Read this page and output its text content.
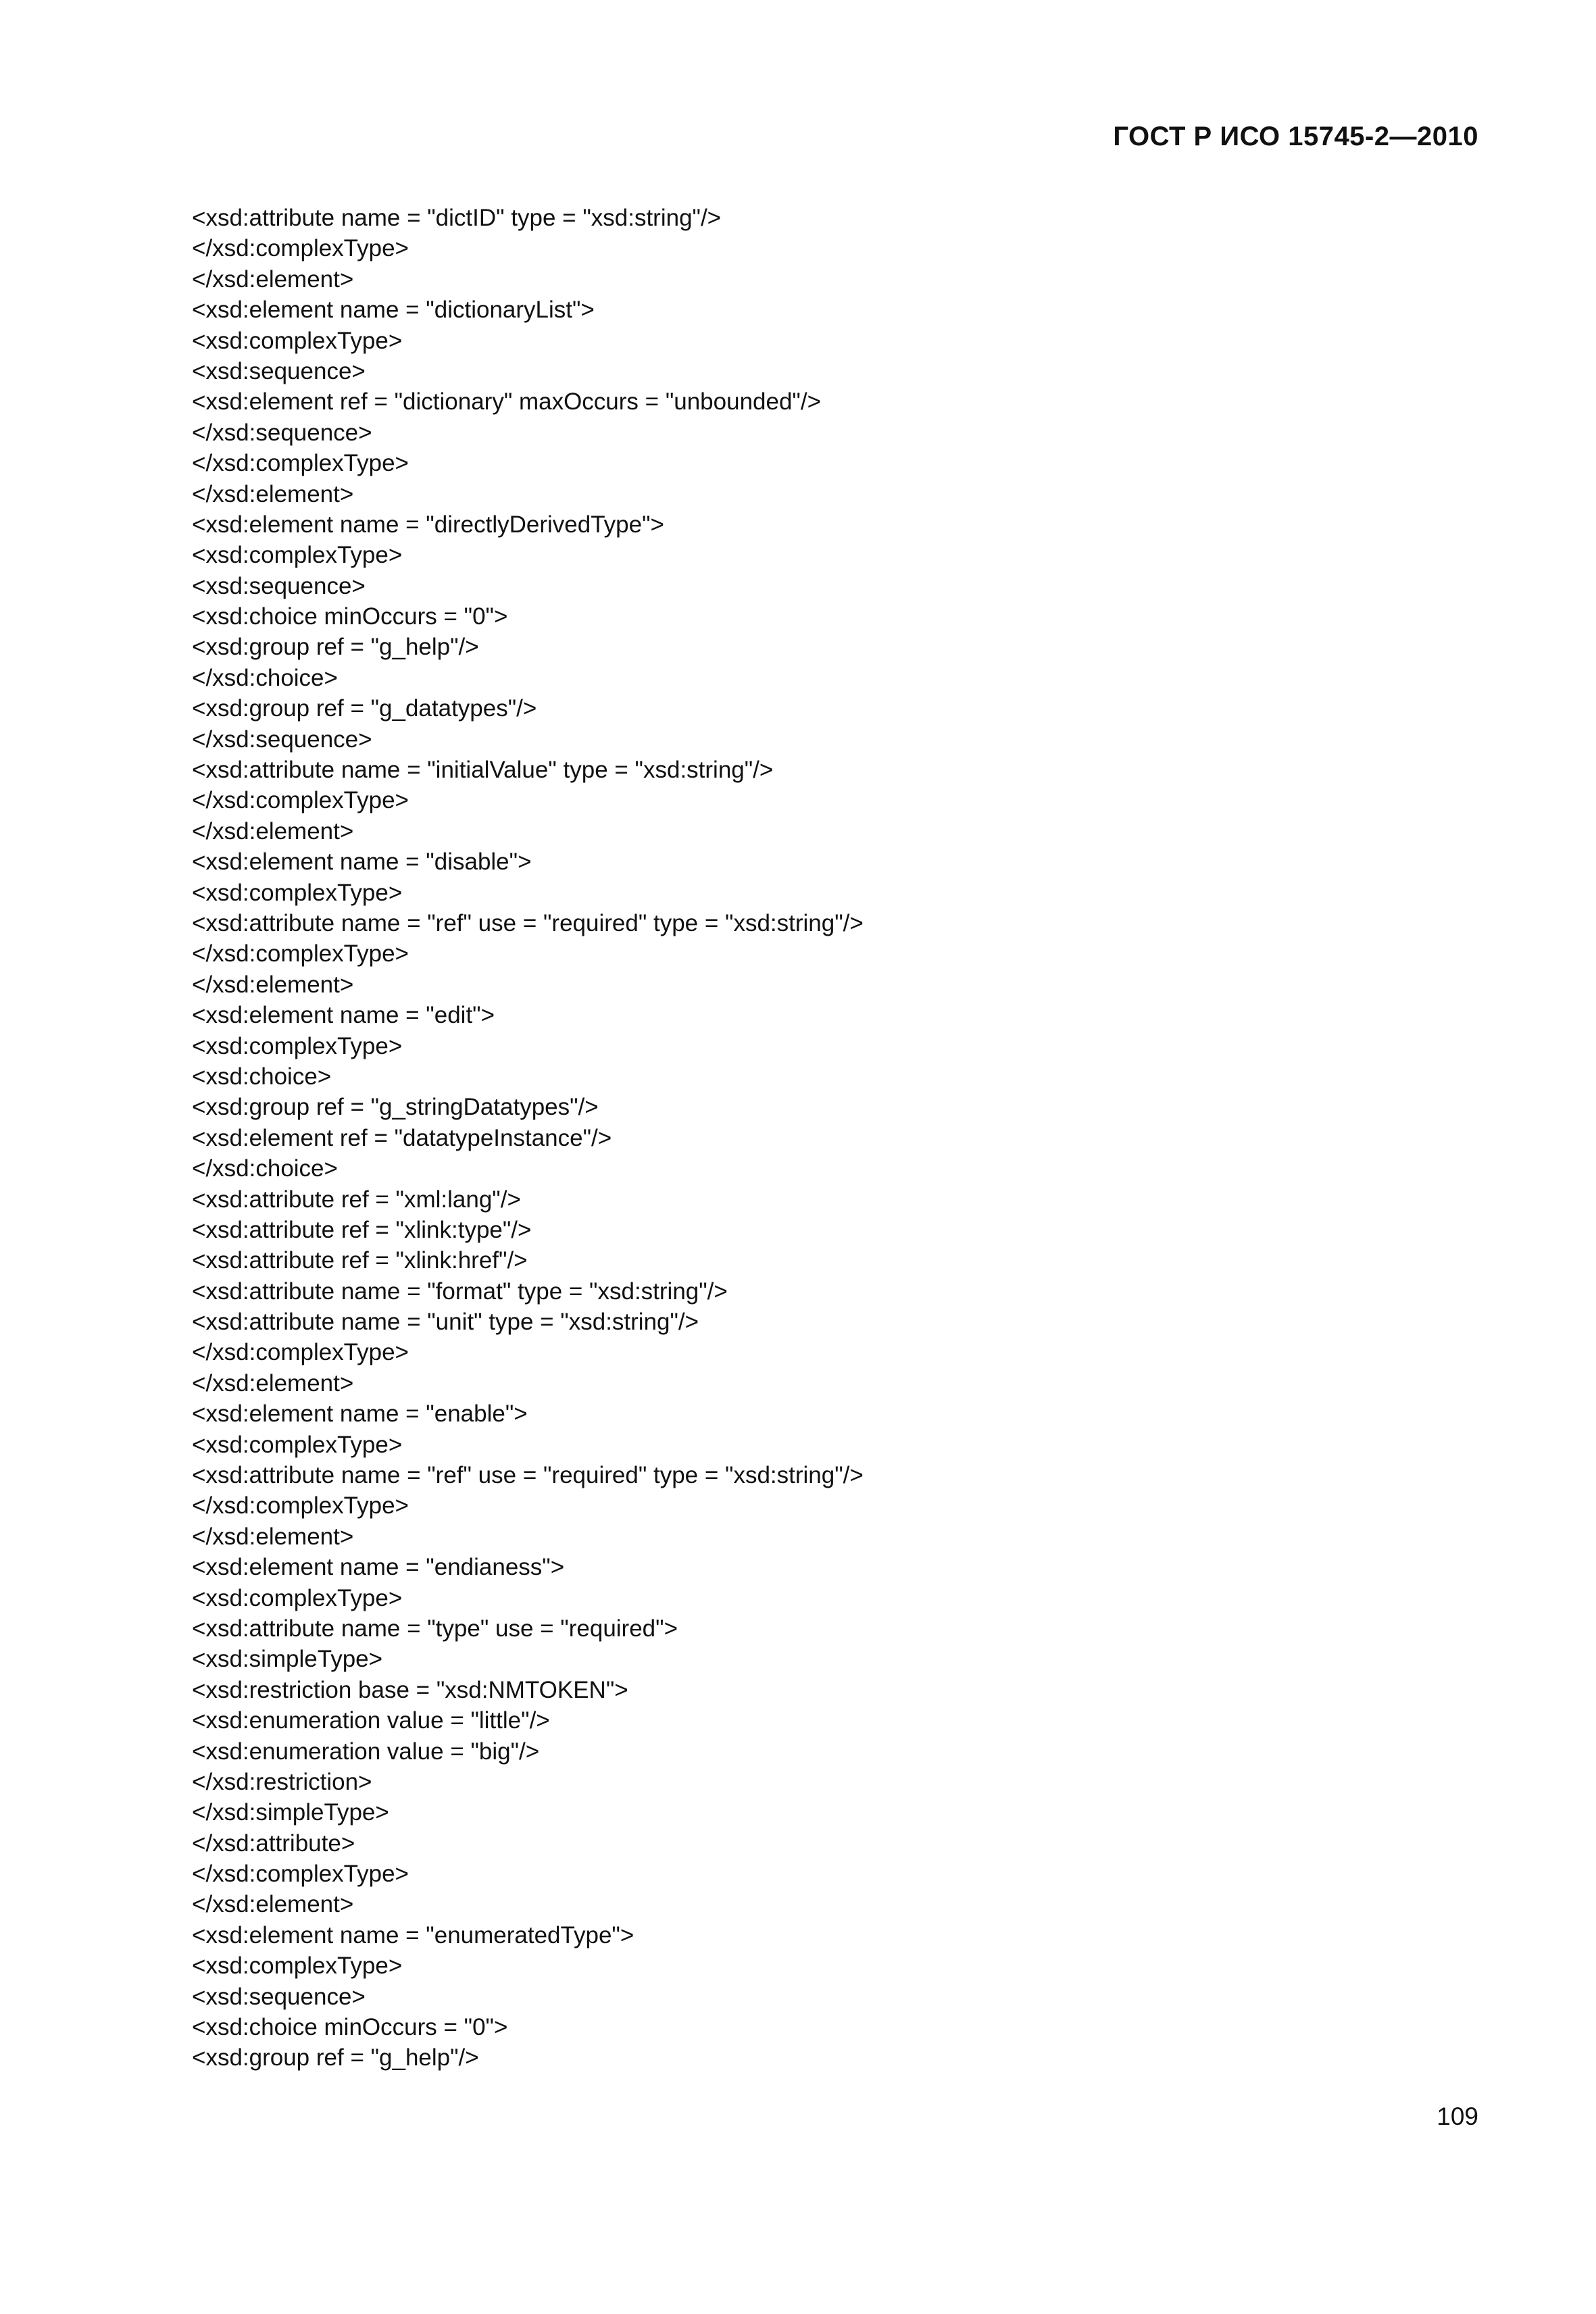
ГОСТ Р ИСО 15745-2—2010
<xsd:attribute name = "dictID" type = "xsd:string"/>
</xsd:complexType>
</xsd:element>
<xsd:element name = "dictionaryList">
<xsd:complexType>
<xsd:sequence>
<xsd:element ref = "dictionary" maxOccurs = "unbounded"/>
</xsd:sequence>
</xsd:complexType>
</xsd:element>
<xsd:element name = "directlyDerivedType">
<xsd:complexType>
<xsd:sequence>
<xsd:choice minOccurs = "0">
<xsd:group ref = "g_help"/>
</xsd:choice>
<xsd:group ref = "g_datatypes"/>
</xsd:sequence>
<xsd:attribute name = "initialValue" type = "xsd:string"/>
</xsd:complexType>
</xsd:element>
<xsd:element name = "disable">
<xsd:complexType>
<xsd:attribute name = "ref" use = "required" type = "xsd:string"/>
</xsd:complexType>
</xsd:element>
<xsd:element name = "edit">
<xsd:complexType>
<xsd:choice>
<xsd:group ref = "g_stringDatatypes"/>
<xsd:element ref = "datatypeInstance"/>
</xsd:choice>
<xsd:attribute ref = "xml:lang"/>
<xsd:attribute ref = "xlink:type"/>
<xsd:attribute ref = "xlink:href"/>
<xsd:attribute name = "format" type = "xsd:string"/>
<xsd:attribute name = "unit" type = "xsd:string"/>
</xsd:complexType>
</xsd:element>
<xsd:element name = "enable">
<xsd:complexType>
<xsd:attribute name = "ref" use = "required" type = "xsd:string"/>
</xsd:complexType>
</xsd:element>
<xsd:element name = "endianess">
<xsd:complexType>
<xsd:attribute name = "type" use = "required">
<xsd:simpleType>
<xsd:restriction base = "xsd:NMTOKEN">
<xsd:enumeration value = "little"/>
<xsd:enumeration value = "big"/>
</xsd:restriction>
</xsd:simpleType>
</xsd:attribute>
</xsd:complexType>
</xsd:element>
<xsd:element name = "enumeratedType">
<xsd:complexType>
<xsd:sequence>
<xsd:choice minOccurs = "0">
<xsd:group ref = "g_help"/>
109
